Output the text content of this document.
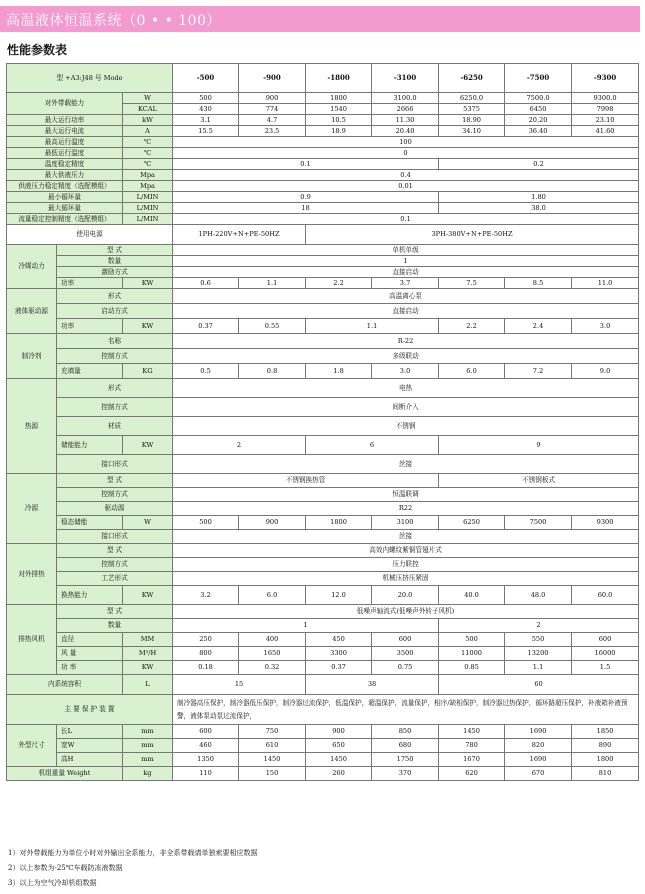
高温液体恒温系统（0 • • 100）
性能参数表
型 +A3:J48 号 Mode			-500	-900	-1800	-3100	-6250	-7500	-9300
对外带载能力		W	500	900	1800	3100.0	6250.0	7500.0	9300.0
		KCAL	430	774	1540	2666	5375	6450	7998
最大运行功率		kW	3.1	4.7	10.5	11.30	18.90	20.20	23.10
最大运行电流		A	15.5	23.5	18.9	20.40	34.10	36.40	41.60
最高运行温度		℃	100						
最低运行温度		℃	0						
温度稳定精度		℃	0.1				0.2		
最大供液压力		Mpa	0.4						
供液压力稳定精度（选配模组）		Mpa	0.01						
最小循环量		L/MIN	0.9				1.80		
最大循环量		L/MIN	18				38.0		
流量稳定控制精度（选配模组）		L/MIN	0.1						
使用电源			1PH-220V+N+PE-50HZ		3PH-380V+N+PE-50HZ				
冷媒动力	型 式		单机单级						
	数量		1						
	激励方式		直接启动						
	功率	KW	0.6	1.1	2.2	3.7	7.5	8.5	11.0
液体驱动源	形式		高温离心泵						
	启动方式		直接启动						
	功率	KW	0.37	0.55	1.1		2.2	2.4	3.0
制冷剂	名称		R-22						
	控制方式		多级联动						
	充填量	KG	0.5	0.8	1.8	3.0	6.0	7.2	9.0
热源	形式		电热						
	控制方式		间断介入						
	材质		不锈钢						
	储能能力	KW	2		6		9		
	接口形式		丝接						
冷源	型 式		不锈钢换热管				不锈钢板式		
	控制方式		恒温联调						
	驱动源		R22						
	稳态储能	W	500	900	1800	3100	6250	7500	9300
	接口形式		丝接						
对外排热	型 式		高效内螺纹紫铜管翅片式						
	控制方式		压力联控						
	工艺形式		机械压挤压紧固						
	换热能力	KW	3.2	6.0	12.0	20.0	40.0	48.0	60.0
排热风机	型 式		低噪声轴流式(低噪声外转子风机)						
	数量		1				2		
	直径	MM	250	400	450	600	500	550	600
	风 量	M³/H	800	1650	3300	3500	11000	13200	16000
	功 率	KW	0.18	0.32	0.37	0.75	0.85	1.1	1.5
内系统容积		L	15		38		60		
主 要 保 护 装 置			制冷器高压保护，制冷器低压保护，制冷器过流保护，低温保护，超温保护，流量保护，相序/缺相保护，制冷器过热保护，循环路超压保护，补液箱补液预警，液体泵动泵过流保护，						
外型尺寸	长L	mm	600	750	900	850	1450	1690	1850
	宽W	mm	460	610	650	680	780	820	890
	高H	mm	1350	1450	1450	1750	1670	1690	1800
机组重量 Weight		kg	110	150	260	370	620	670	810
1）对外带载能力为单位小时对外输出全系能力，非全系带载请单独索要相应数据
2）以上参数为-25℃车载防冻液数据
3）以上为空气冷却机组数据
